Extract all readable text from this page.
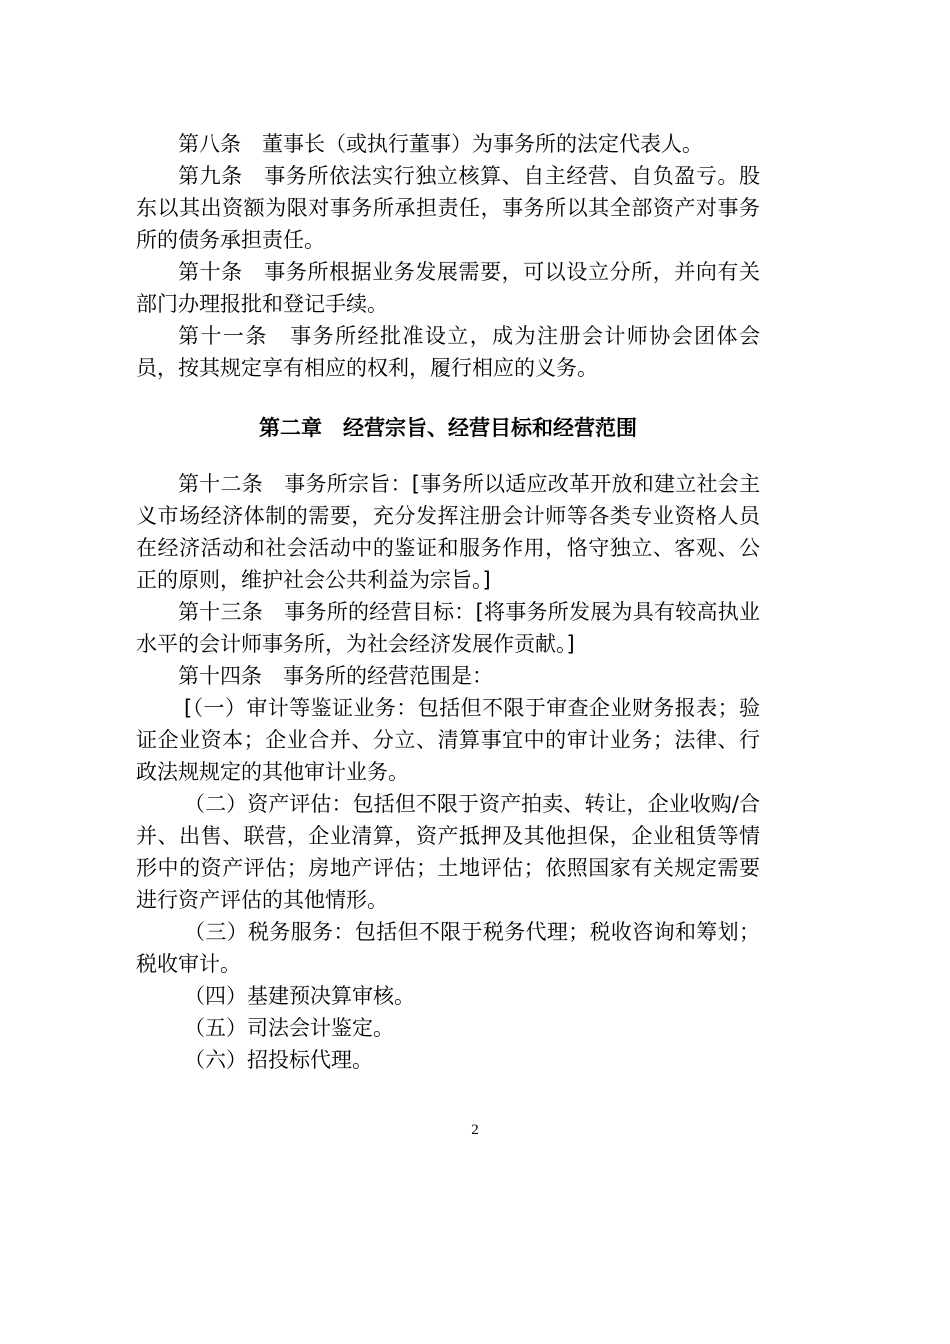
第八条　董事长（或执行董事）为事务所的法定代表人。

第九条　事务所依法实行独立核算、自主经营、自负盈亏。股东以其出资额为限对事务所承担责任，事务所以其全部资产对事务所的债务承担责任。

第十条　事务所根据业务发展需要，可以设立分所，并向有关部门办理报批和登记手续。

第十一条　事务所经批准设立，成为注册会计师协会团体会员，按其规定享有相应的权利，履行相应的义务。

第二章　经营宗旨、经营目标和经营范围

第十二条　事务所宗旨：[事务所以适应改革开放和建立社会主义市场经济体制的需要，充分发挥注册会计师等各类专业资格人员在经济活动和社会活动中的鉴证和服务作用，恪守独立、客观、公正的原则，维护社会公共利益为宗旨。]

第十三条　事务所的经营目标：[将事务所发展为具有较高执业水平的会计师事务所，为社会经济发展作贡献。]

第十四条　事务所的经营范围是：

[（一）审计等鉴证业务：包括但不限于审查企业财务报表；验证企业资本；企业合并、分立、清算事宜中的审计业务；法律、行政法规规定的其他审计业务。

（二）资产评估：包括但不限于资产拍卖、转让，企业收购/合并、出售、联营，企业清算，资产抵押及其他担保，企业租赁等情形中的资产评估；房地产评估；土地评估；依照国家有关规定需要进行资产评估的其他情形。

（三）税务服务：包括但不限于税务代理；税收咨询和筹划；税收审计。

（四）基建预决算审核。

（五）司法会计鉴定。

（六）招投标代理。

2
